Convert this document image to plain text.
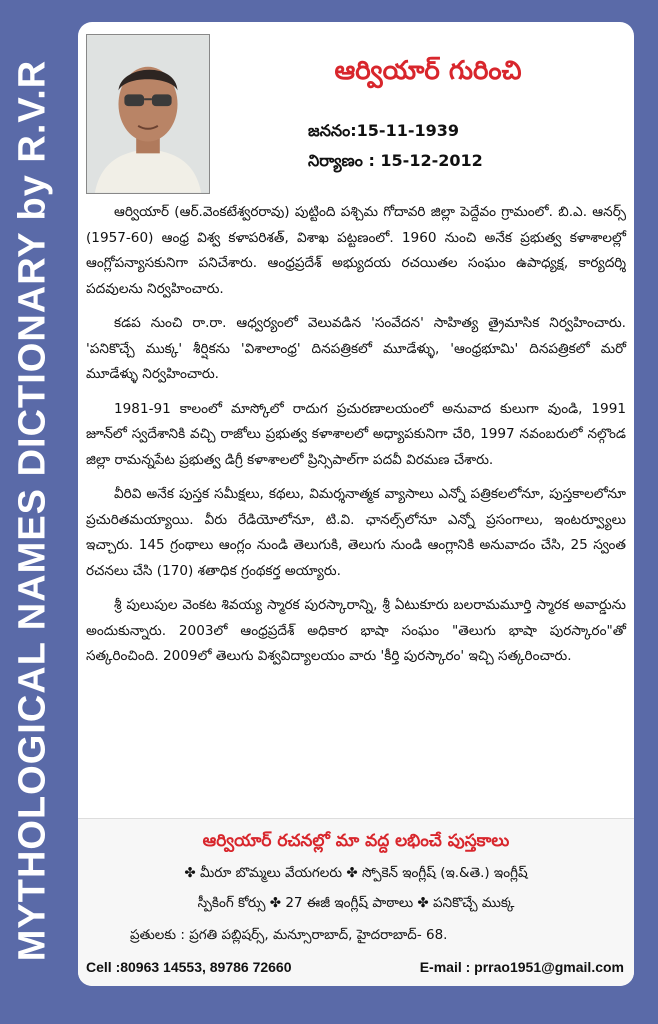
MYTHOLOGICAL NAMES DICTIONARY by R.V.R	ఆర్వియార్ గురించి
జననం:15-11-1939
నిర్యాణం : 15-12-2012

ఆర్వియార్ (ఆర్.వెంకటేశ్వరరావు) పుట్టింది పశ్చిమ గోదావరి జిల్లా పెద్దేవం గ్రామంలో. బి.ఎ. ఆనర్స్ (1957-60) ఆంధ్ర విశ్వ కళాపరిశత్, విశాఖ పట్టణంలో. 1960 నుంచి అనేక ప్రభుత్వ కళాశాలల్లో ఆంగ్లోపన్యాసకునిగా పనిచేశారు. ఆంధ్రప్రదేశ్ అభ్యుదయ రచయితల సంఘం ఉపాధ్యక్ష, కార్యదర్శి పదవులను నిర్వహించారు.

కడప నుంచి రా.రా. ఆధ్వర్యంలో వెలువడిన 'సంవేదన' సాహిత్య త్రైమాసిక నిర్వహించారు. 'పనికొచ్చే ముక్క' శీర్షికను 'విశాలాంధ్ర' దినపత్రికలో మూడేళ్ళు, 'ఆంధ్రభూమి' దినపత్రికలో మరో మూడేళ్ళు నిర్వహించారు.

1981-91 కాలంలో మాస్కోలో రాదుగ ప్రచురణాలయంలో అనువాద కులుగా వుండి, 1991 జూన్‌లో స్వదేశానికి వచ్చి రాజోలు ప్రభుత్వ కళాశాలలో అధ్యాపకునిగా చేరి, 1997 నవంబరులో నల్గొండ జిల్లా రామన్నపేట ప్రభుత్వ డిగ్రీ కళాశాలలో ప్రిన్సిపాల్‌గా పదవీ విరమణ చేశారు.

వీరివి అనేక పుస్తక సమీక్షలు, కథలు, విమర్శనాత్మక వ్యాసాలు ఎన్నో పత్రికలలోనూ, పుస్తకాలలోనూ ప్రచురితమయ్యాయి. వీరు రేడియోలోనూ, టి.వి. ఛానల్స్‌లోనూ ఎన్నో ప్రసంగాలు, ఇంటర్వ్యూలు ఇచ్చారు. 145 గ్రంథాలు ఆంగ్లం నుండి తెలుగుకి, తెలుగు నుండి ఆంగ్లానికి అనువాదం చేసి, 25 స్వంత రచనలు చేసి (170) శతాధిక గ్రంథకర్త అయ్యారు.

శ్రీ పులుపుల వెంకట శివయ్య స్మారక పురస్కారాన్ని, శ్రీ ఏటుకూరు బలరామమూర్తి స్మారక అవార్డును అందుకున్నారు. 2003లో ఆంధ్రప్రదేశ్ అధికార భాషా సంఘం "తెలుగు భాషా పురస్కారం"తో సత్కరించింది. 2009లో తెలుగు విశ్వవిద్యాలయం వారు 'కీర్తి పురస్కారం' ఇచ్చి సత్కరించారు.

ఆర్వియార్ రచనల్లో మా వద్ద లభించే పుస్తకాలు
✤ మీరూ బొమ్మలు వేయగలరు ✤ స్పోకెన్ ఇంగ్లీష్ (ఇ.&తె.) ఇంగ్లీష్
స్పీకింగ్ కోర్సు ✤ 27 ఈజీ ఇంగ్లీష్ పాఠాలు ✤ పనికొచ్చే ముక్క
ప్రతులకు : ప్రగతి పబ్లిషర్స్, మన్సూరాబాద్, హైదరాబాద్- 68.
Cell :80963 14553, 89786 72660	E-mail : prrao1951@gmail.com
